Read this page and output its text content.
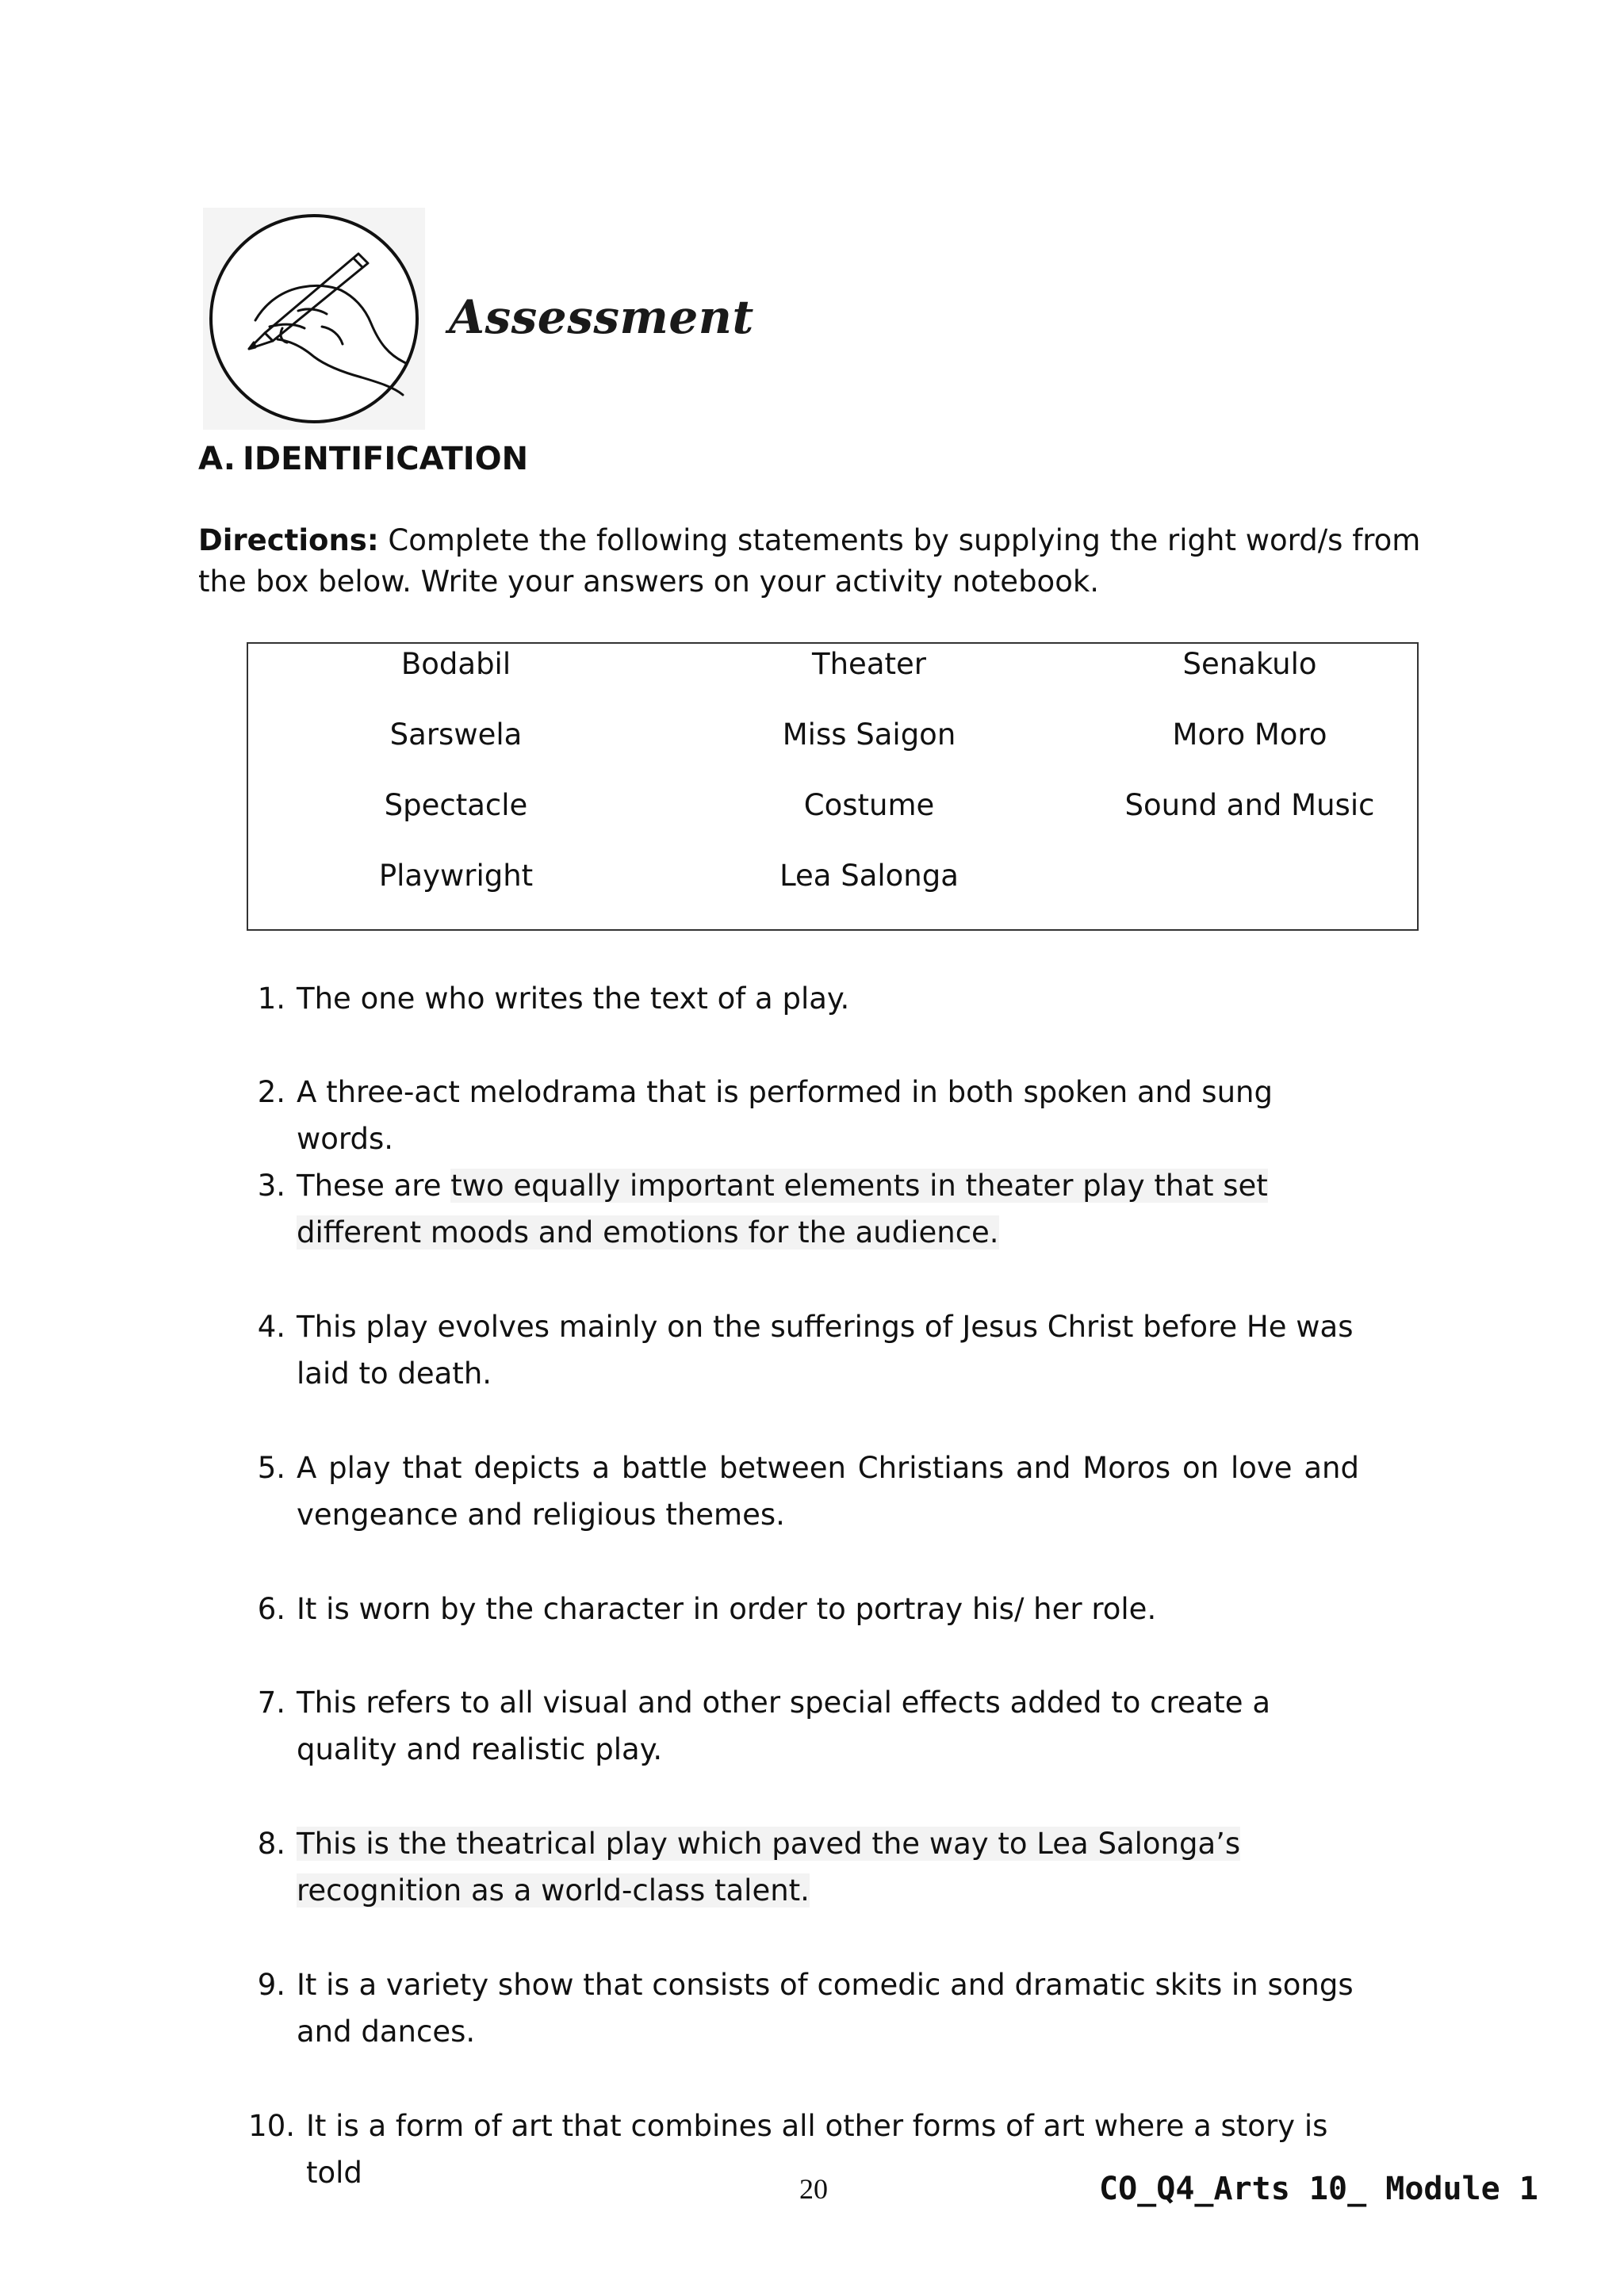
Assessment
A. IDENTIFICATION
Directions: Complete the following statements by supplying the right word/s from the box below. Write your answers on your activity notebook.
Bodabil
Sarswela
Spectacle
Playwright
Theater
Miss Saigon
Costume
Lea Salonga
Senakulo
Moro Moro
Sound and Music
1. The one who writes the text of a play.
2. A three-act melodrama that is performed in both spoken and sung words.
3. These are two equally important elements in theater play that set different moods and emotions for the audience.
4. This play evolves mainly on the sufferings of Jesus Christ before He was laid to death.
5. A play that depicts a battle between Christians and Moros on love and vengeance and religious themes.
6. It is worn by the character in order to portray his/ her role.
7. This refers to all visual and other special effects added to create a quality and realistic play.
8. This is the theatrical play which paved the way to Lea Salonga’s recognition as a world-class talent.
9. It is a variety show that consists of comedic and dramatic skits in songs and dances.
10. It is a form of art that combines all other forms of art where a story is told	20	CO_Q4_Arts 10_ Module 1
